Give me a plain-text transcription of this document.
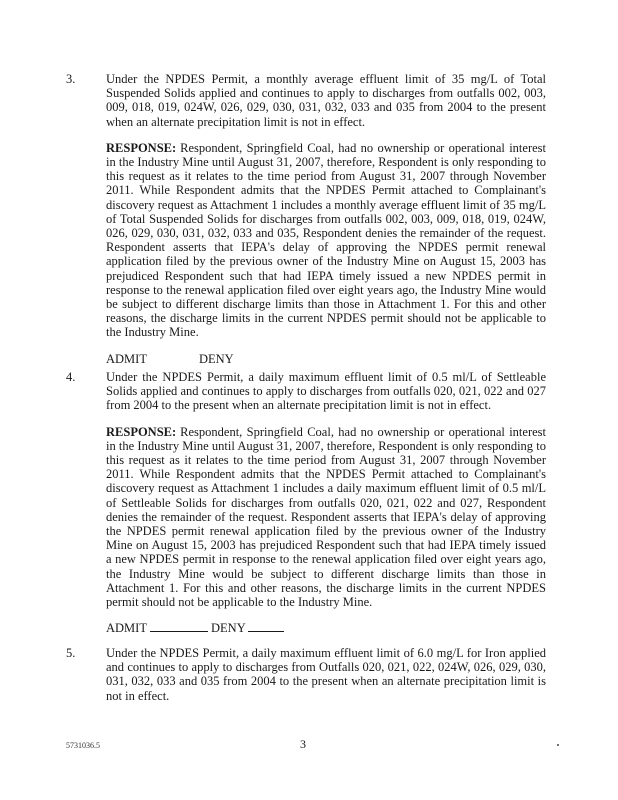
3.	Under the NPDES Permit, a monthly average effluent limit of 35 mg/L of Total Suspended Solids applied and continues to apply to discharges from outfalls 002, 003, 009, 018, 019, 024W, 026, 029, 030, 031, 032, 033 and 035 from 2004 to the present when an alternate precipitation limit is not in effect.

RESPONSE: Respondent, Springfield Coal, had no ownership or operational interest in the Industry Mine until August 31, 2007, therefore, Respondent is only responding to this request as it relates to the time period from August 31, 2007 through November 2011. While Respondent admits that the NPDES Permit attached to Complainant's discovery request as Attachment 1 includes a monthly average effluent limit of 35 mg/L of Total Suspended Solids for discharges from outfalls 002, 003, 009, 018, 019, 024W, 026, 029, 030, 031, 032, 033 and 035, Respondent denies the remainder of the request. Respondent asserts that IEPA's delay of approving the NPDES permit renewal application filed by the previous owner of the Industry Mine on August 15, 2003 has prejudiced Respondent such that had IEPA timely issued a new NPDES permit in response to the renewal application filed over eight years ago, the Industry Mine would be subject to different discharge limits than those in Attachment 1. For this and other reasons, the discharge limits in the current NPDES permit should not be applicable to the Industry Mine.

ADMIT	DENY

4.	Under the NPDES Permit, a daily maximum effluent limit of 0.5 ml/L of Settleable Solids applied and continues to apply to discharges from outfalls 020, 021, 022 and 027 from 2004 to the present when an alternate precipitation limit is not in effect.

RESPONSE: Respondent, Springfield Coal, had no ownership or operational interest in the Industry Mine until August 31, 2007, therefore, Respondent is only responding to this request as it relates to the time period from August 31, 2007 through November 2011. While Respondent admits that the NPDES Permit attached to Complainant's discovery request as Attachment 1 includes a daily maximum effluent limit of 0.5 ml/L of Settleable Solids for discharges from outfalls 020, 021, 022 and 027, Respondent denies the remainder of the request. Respondent asserts that IEPA's delay of approving the NPDES permit renewal application filed by the previous owner of the Industry Mine on August 15, 2003 has prejudiced Respondent such that had IEPA timely issued a new NPDES permit in response to the renewal application filed over eight years ago, the Industry Mine would be subject to different discharge limits than those in Attachment 1. For this and other reasons, the discharge limits in the current NPDES permit should not be applicable to the Industry Mine.

ADMIT	DENY

5.	Under the NPDES Permit, a daily maximum effluent limit of 6.0 mg/L for Iron applied and continues to apply to discharges from Outfalls 020, 021, 022, 024W, 026, 029, 030, 031, 032, 033 and 035 from 2004 to the present when an alternate precipitation limit is not in effect.

5731036.5	3
